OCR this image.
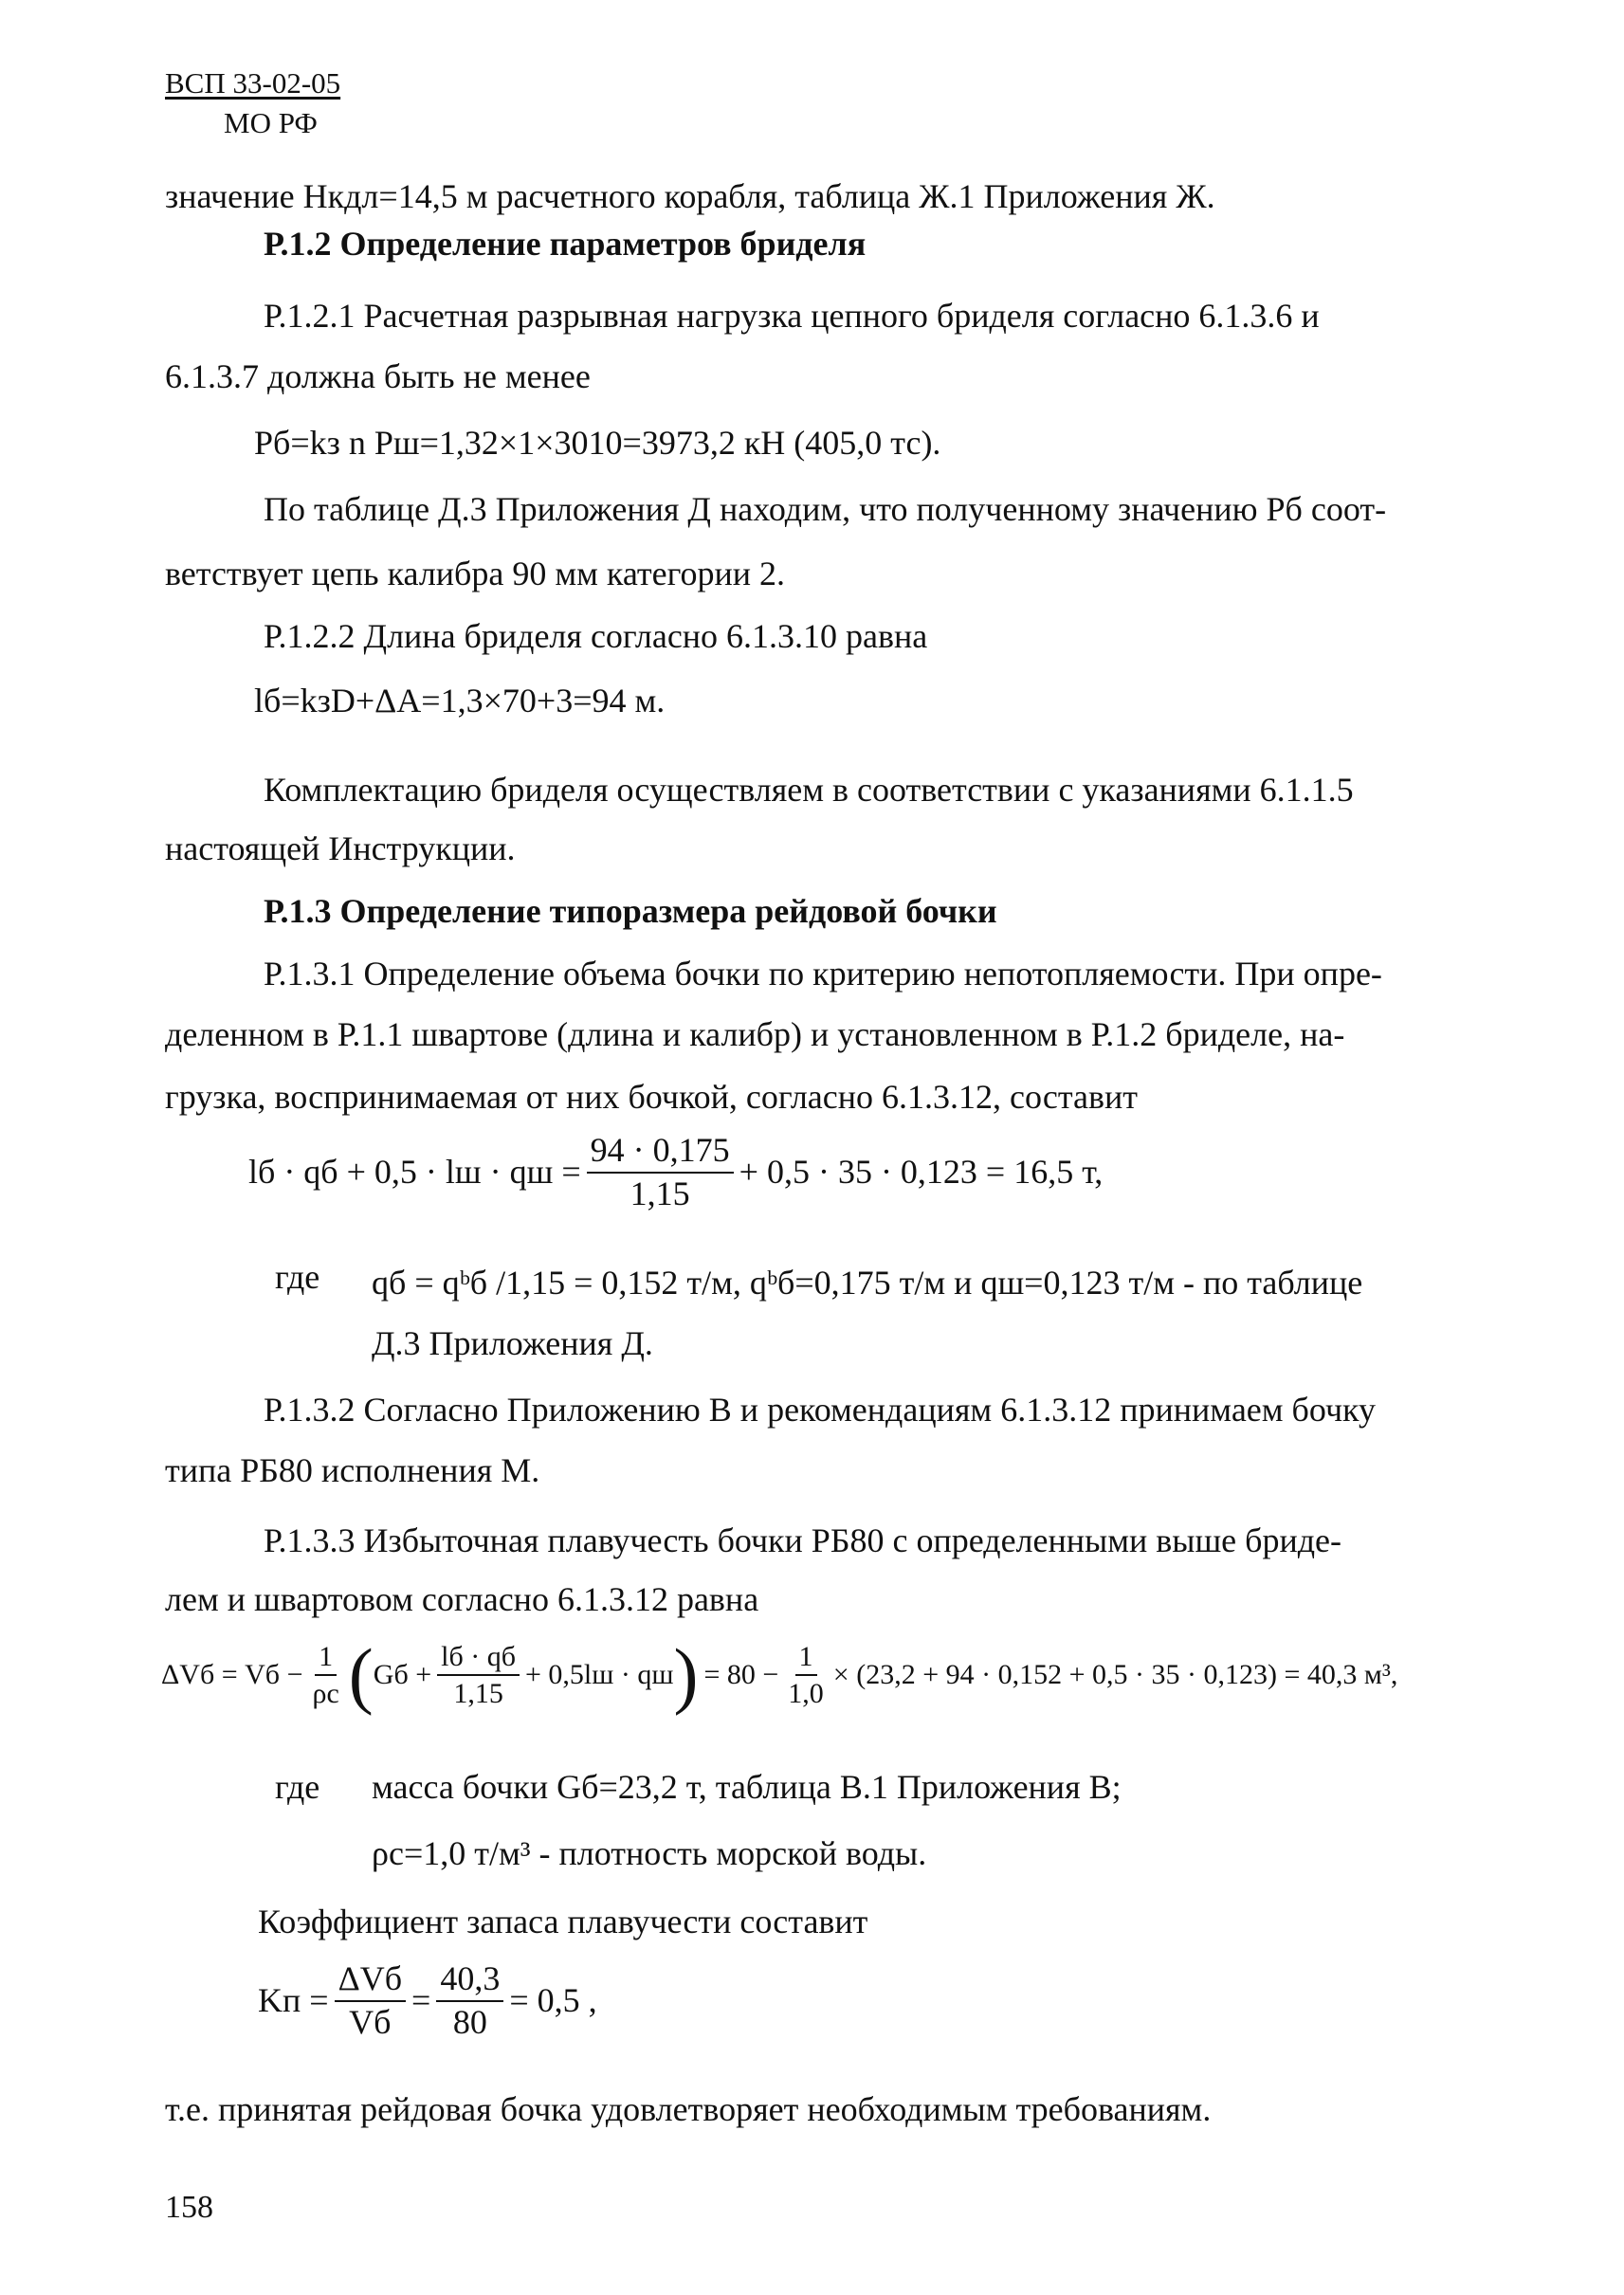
ВСП 33-02-05
МО РФ
значение Hкдл=14,5 м расчетного корабля, таблица Ж.1 Приложения Ж.
Р.1.2 Определение параметров бриделя
Р.1.2.1 Расчетная разрывная нагрузка цепного бриделя согласно 6.1.3.6 и
6.1.3.7 должна быть не менее
Pб=kз n Pш=1,32×1×3010=3973,2 кН (405,0 тс).
По таблице Д.3 Приложения Д находим, что полученному значению Pб соот-
ветствует цепь калибра 90 мм категории 2.
Р.1.2.2 Длина бриделя согласно 6.1.3.10 равна
lб=kзD+ΔA=1,3×70+3=94 м.
Комплектацию бриделя осуществляем в соответствии с указаниями 6.1.1.5
настоящей Инструкции.
Р.1.3 Определение типоразмера рейдовой бочки
Р.1.3.1 Определение объема бочки по критерию непотопляемости. При опре-
деленном в Р.1.1 швартове (длина и калибр) и установленном в Р.1.2 бриделе, на-
грузка, воспринимаемая от них бочкой, согласно 6.1.3.12, составит
lб · qб + 0,5 · lш · qш = $\frac{94 \cdot 0,175}{1,15} + 0,5 \cdot 35 \cdot 0,123 = 16,5$ т,
где qб = qᵇб /1,15 = 0,152 т/м, qᵇб=0,175 т/м и qш=0,123 т/м - по таблице
Д.3 Приложения Д.
Р.1.3.2 Согласно Приложению В и рекомендациям 6.1.3.12 принимаем бочку
типа РБ80 исполнения М.
Р.1.3.3 Избыточная плавучесть бочки РБ80 с определенными выше бриде-
лем и швартовом согласно 6.1.3.12 равна
ΔVб = Vб − $\frac{1}{\rho с}$ ( Gб + $\frac{lб \cdot qб}{1,15} + 0,5lш$ · qш ) = $80 - \frac{1}{1,0} \times (23,2 + 94 \cdot 0,152 + 0,5 \cdot 35 \cdot 0,123) = 40,3$ м³,
где масса бочки Gб=23,2 т, таблица В.1 Приложения В;
ρс=1,0 т/м³ - плотность морской воды.
Коэффициент запаса плавучести составит
Kп = $\frac{\text{ΔVб}}{Vб} = \frac{40,3}{80} = 0,5$ ,
т.е. принятая рейдовая бочка удовлетворяет необходимым требованиям.
158
